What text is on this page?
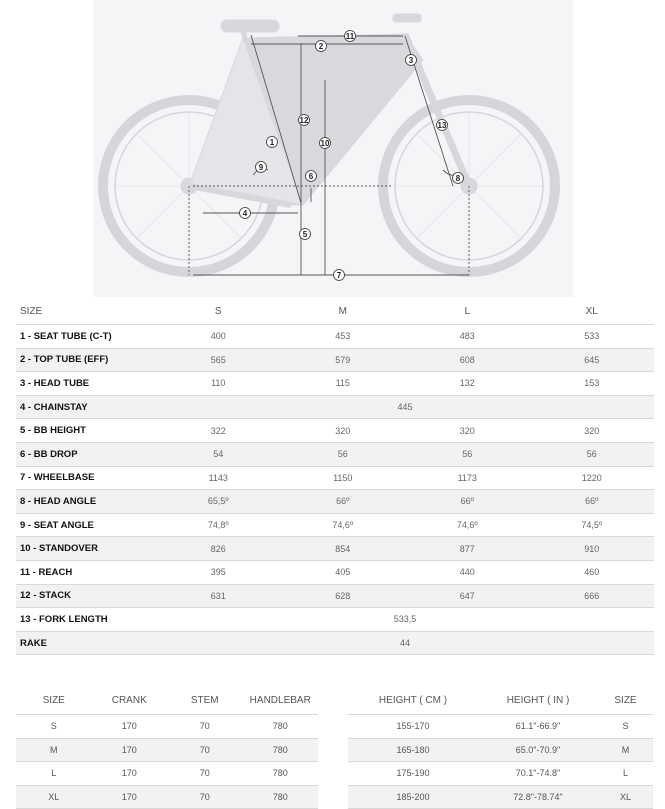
1
2
3
4
5
6
7
8
9
10
11
12
13
SIZE	S	M	L	XL
1 - SEAT TUBE (C-T)	400	453	483	533
2 - TOP TUBE (EFF)	565	579	608	645
3 - HEAD TUBE	110	115	132	153
4 - CHAINSTAY	445			
5 - BB HEIGHT	322	320	320	320
6 - BB DROP	54	56	56	56
7 - WHEELBASE	1143	1150	1173	1220
8 - HEAD ANGLE	65,5º	66º	66º	66º
9 - SEAT ANGLE	74,8º	74,6º	74,6º	74,5º
10 - STANDOVER	826	854	877	910
11 - REACH	395	405	440	460
12 - STACK	631	628	647	666
13 - FORK LENGTH	533,5			
RAKE	44			
SIZE	CRANK	STEM	HANDLEBAR
S	170	70	780
M	170	70	780
L	170	70	780
XL	170	70	780
HEIGHT ( CM )	HEIGHT ( IN )	SIZE
155-170	61.1"-66.9"	S
165-180	65.0"-70.9"	M
175-190	70.1"-74.8"	L
185-200	72.8"-78.74"	XL
